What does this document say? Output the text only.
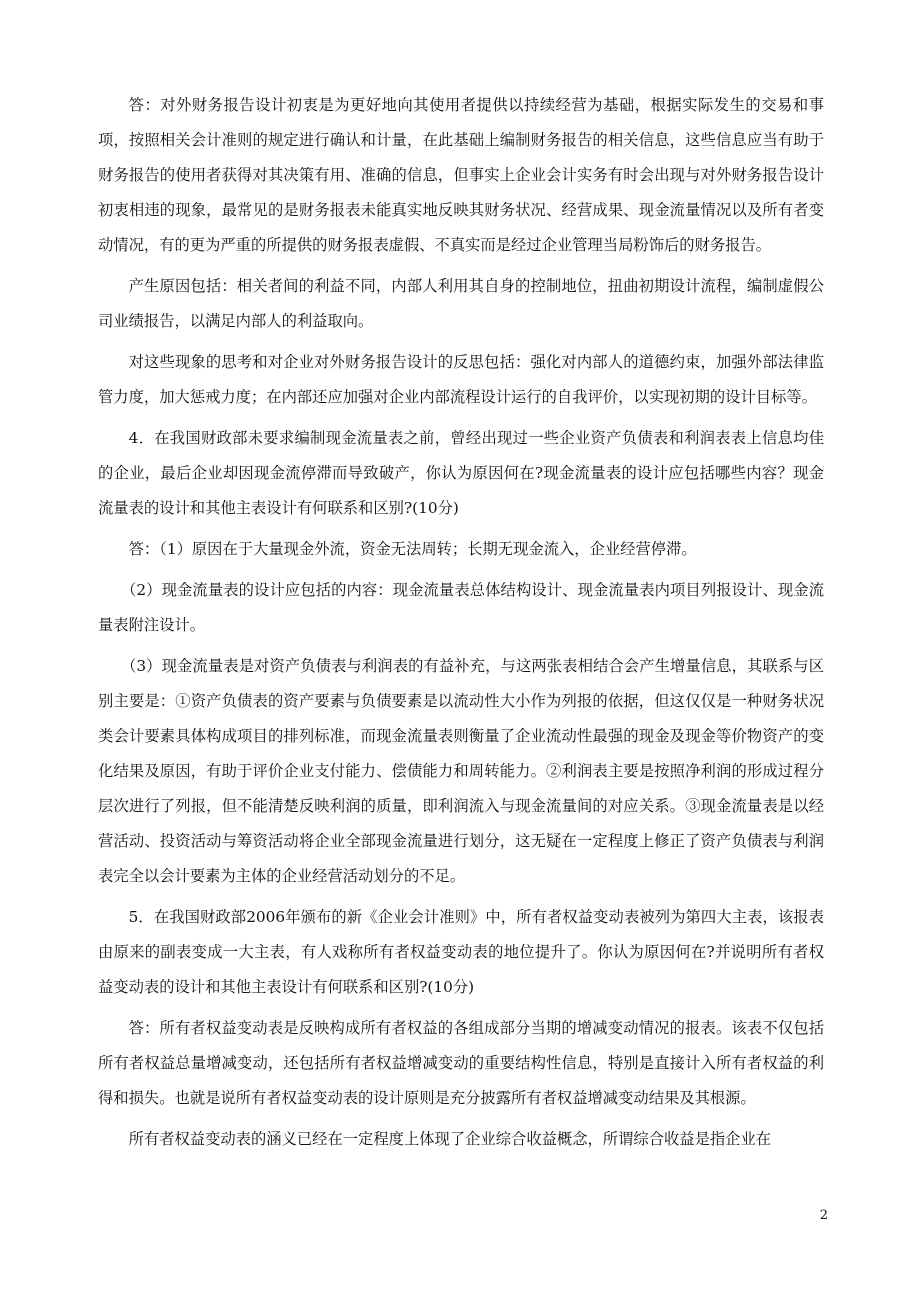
答：对外财务报告设计初衷是为更好地向其使用者提供以持续经营为基础，根据实际发生的交易和事项，按照相关会计准则的规定进行确认和计量，在此基础上编制财务报告的相关信息，这些信息应当有助于财务报告的使用者获得对其决策有用、准确的信息，但事实上企业会计实务有时会出现与对外财务报告设计初衷相违的现象，最常见的是财务报表未能真实地反映其财务状况、经营成果、现金流量情况以及所有者变动情况，有的更为严重的所提供的财务报表虚假、不真实而是经过企业管理当局粉饰后的财务报告。

产生原因包括：相关者间的利益不同，内部人利用其自身的控制地位，扭曲初期设计流程，编制虚假公司业绩报告，以满足内部人的利益取向。

对这些现象的思考和对企业对外财务报告设计的反思包括：强化对内部人的道德约束，加强外部法律监管力度，加大惩戒力度；在内部还应加强对企业内部流程设计运行的自我评价，以实现初期的设计目标等。

4．在我国财政部未要求编制现金流量表之前，曾经出现过一些企业资产负债表和利润表表上信息均佳的企业，最后企业却因现金流停滞而导致破产，你认为原因何在?现金流量表的设计应包括哪些内容？现金流量表的设计和其他主表设计有何联系和区别?(10分)

答：（1）原因在于大量现金外流，资金无法周转；长期无现金流入，企业经营停滞。

（2）现金流量表的设计应包括的内容：现金流量表总体结构设计、现金流量表内项目列报设计、现金流量表附注设计。

（3）现金流量表是对资产负债表与利润表的有益补充，与这两张表相结合会产生增量信息，其联系与区别主要是：①资产负债表的资产要素与负债要素是以流动性大小作为列报的依据，但这仅仅是一种财务状况类会计要素具体构成项目的排列标准，而现金流量表则衡量了企业流动性最强的现金及现金等价物资产的变化结果及原因，有助于评价企业支付能力、偿债能力和周转能力。②利润表主要是按照净利润的形成过程分层次进行了列报，但不能清楚反映利润的质量，即利润流入与现金流量间的对应关系。③现金流量表是以经营活动、投资活动与筹资活动将企业全部现金流量进行划分，这无疑在一定程度上修正了资产负债表与利润表完全以会计要素为主体的企业经营活动划分的不足。

5．在我国财政部2006年颁布的新《企业会计准则》中，所有者权益变动表被列为第四大主表，该报表由原来的副表变成一大主表，有人戏称所有者权益变动表的地位提升了。你认为原因何在?并说明所有者权益变动表的设计和其他主表设计有何联系和区别?(10分)

答：所有者权益变动表是反映构成所有者权益的各组成部分当期的增减变动情况的报表。该表不仅包括所有者权益总量增减变动，还包括所有者权益增减变动的重要结构性信息，特别是直接计入所有者权益的利得和损失。也就是说所有者权益变动表的设计原则是充分披露所有者权益增减变动结果及其根源。

所有者权益变动表的涵义已经在一定程度上体现了企业综合收益概念，所谓综合收益是指企业在

2
